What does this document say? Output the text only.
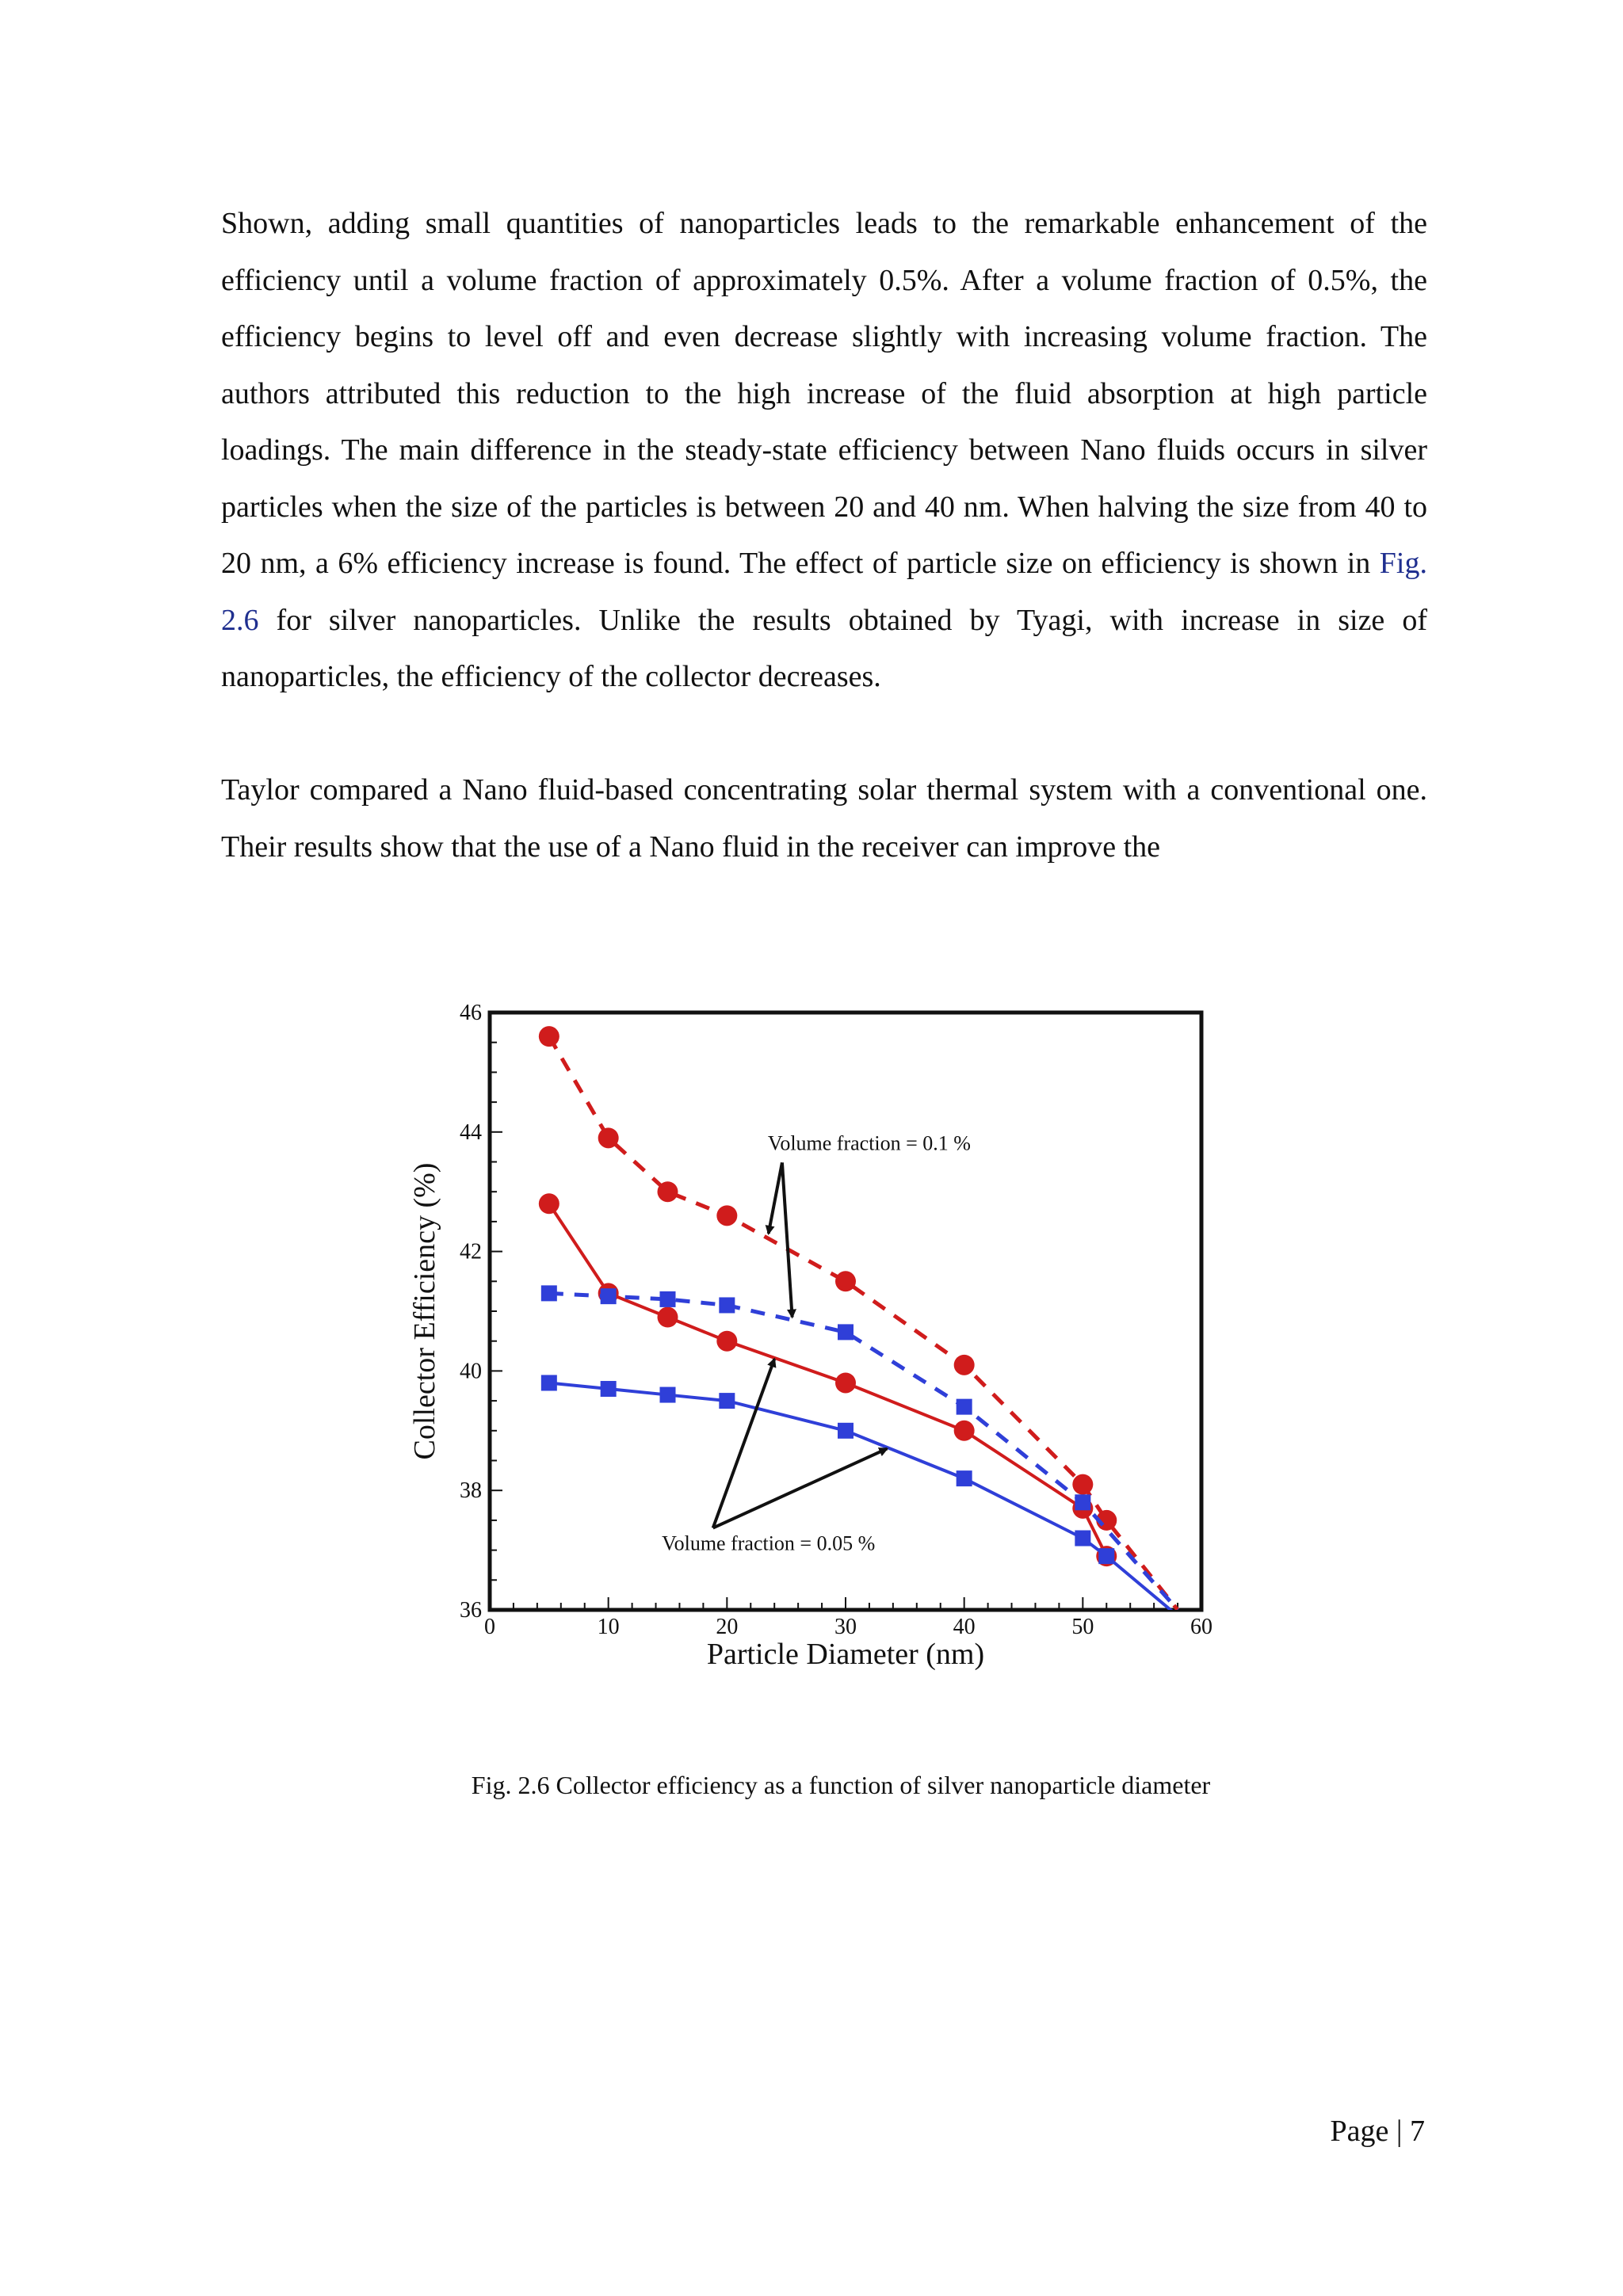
Shown, adding small quantities of nanoparticles leads to the remarkable enhancement of the efficiency until a volume fraction of approximately 0.5%. After a volume fraction of 0.5%, the efficiency begins to level off and even decrease slightly with increasing volume fraction. The authors attributed this reduction to the high increase of the fluid absorption at high particle loadings. The main difference in the steady-state efficiency between Nano fluids occurs in silver particles when the size of the particles is between 20 and 40 nm. When halving the size from 40 to 20 nm, a 6% efficiency increase is found. The effect of particle size on efficiency is shown in Fig. 2.6 for silver nanoparticles. Unlike the results obtained by Tyagi, with increase in size of nanoparticles, the efficiency of the collector decreases.

Taylor compared a Nano fluid-based concentrating solar thermal system with a conventional one. Their results show that the use of a Nano fluid in the receiver can improve the

0	10	20	30	40	50	60
36
38
40
42
44
46
Particle Diameter (nm)
Collector Efficiency (%)
Volume fraction = 0.1 %
Volume fraction = 0.05 %
Fig. 2.6 Collector efficiency as a function of silver nanoparticle diameter
Page | 7
